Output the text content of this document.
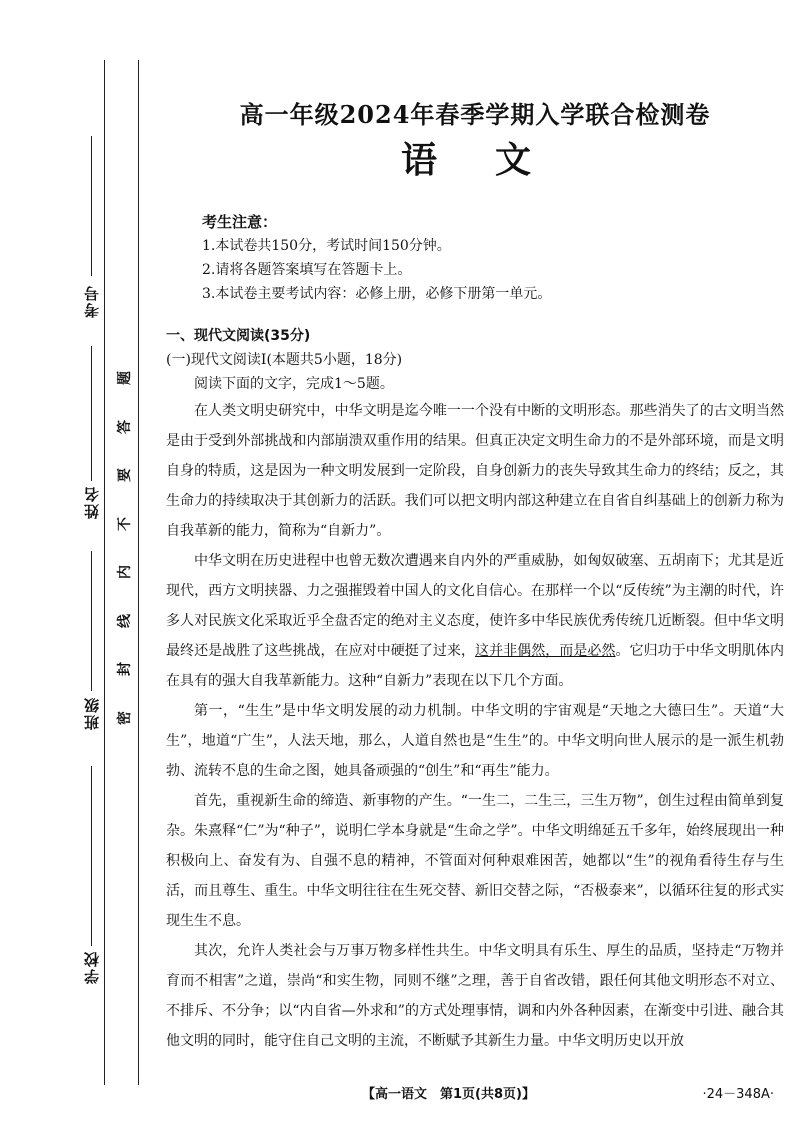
考号
姓名
班级
学校
题
答
要
不
内
线
封
密
高一年级2024年春季学期入学联合检测卷
语文
考生注意：
1.本试卷共150分，考试时间150分钟。
2.请将各题答案填写在答题卡上。
3.本试卷主要考试内容：必修上册，必修下册第一单元。
一、现代文阅读(35分)
(一)现代文阅读Ⅰ(本题共5小题，18分)
阅读下面的文字，完成1～5题。

在人类文明史研究中，中华文明是迄今唯一一个没有中断的文明形态。那些消失了的古文明当然是由于受到外部挑战和内部崩溃双重作用的结果。但真正决定文明生命力的不是外部环境，而是文明自身的特质，这是因为一种文明发展到一定阶段，自身创新力的丧失导致其生命力的终结；反之，其生命力的持续取决于其创新力的活跃。我们可以把文明内部这种建立在自省自纠基础上的创新力称为自我革新的能力，简称为“自新力”。

中华文明在历史进程中也曾无数次遭遇来自内外的严重威胁，如匈奴破塞、五胡南下；尤其是近现代，西方文明挟器、力之强摧毁着中国人的文化自信心。在那样一个以“反传统”为主潮的时代，许多人对民族文化采取近乎全盘否定的绝对主义态度，使许多中华民族优秀传统几近断裂。但中华文明最终还是战胜了这些挑战，在应对中硬挺了过来，这并非偶然，而是必然。它归功于中华文明肌体内在具有的强大自我革新能力。这种“自新力”表现在以下几个方面。

第一，“生生”是中华文明发展的动力机制。中华文明的宇宙观是“天地之大德曰生”。天道“大生”，地道“广生”，人法天地，那么，人道自然也是“生生”的。中华文明向世人展示的是一派生机勃勃、流转不息的生命之图，她具备顽强的“创生”和“再生”能力。

首先，重视新生命的缔造、新事物的产生。“一生二，二生三，三生万物”，创生过程由简单到复杂。朱熹释“仁”为“种子”，说明仁学本身就是“生命之学”。中华文明绵延五千多年，始终展现出一种积极向上、奋发有为、自强不息的精神，不管面对何种艰难困苦，她都以“生”的视角看待生存与生活，而且尊生、重生。中华文明往往在生死交替、新旧交替之际，“否极泰来”，以循环往复的形式实现生生不息。

其次，允许人类社会与万事万物多样性共生。中华文明具有乐生、厚生的品质，坚持走“万物并育而不相害”之道，崇尚“和实生物，同则不继”之理，善于自省改错，跟任何其他文明形态不对立、不排斥、不分争；以“内自省—外求和”的方式处理事情，调和内外各种因素，在渐变中引进、融合其他文明的同时，能守住自己文明的主流，不断赋予其新生力量。中华文明历史以开放

【高一语文　第1页(共8页)】	·24－348A·
